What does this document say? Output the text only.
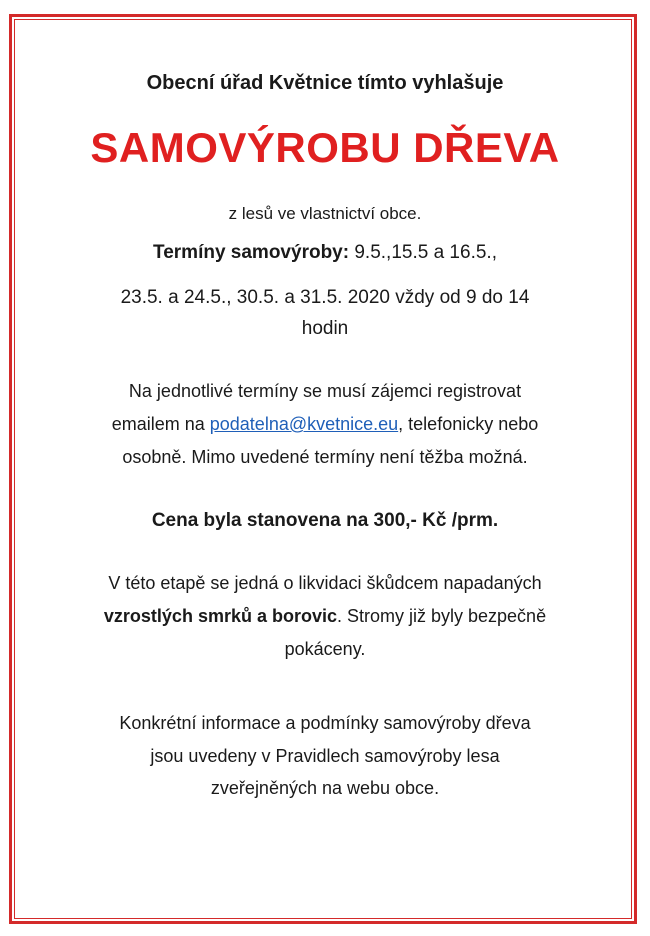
Obecní úřad Květnice tímto vyhlašuje
SAMOVÝROBU DŘEVA
z lesů ve vlastnictví obce.
Termíny samovýroby: 9.5.,15.5 a 16.5.,
23.5. a 24.5., 30.5. a 31.5. 2020 vždy od 9 do 14
hodin
Na jednotlivé termíny se musí zájemci registrovat
emailem na podatelna@kvetnice.eu, telefonicky nebo
osobně. Mimo uvedené termíny není těžba možná.
Cena byla stanovena na 300,- Kč /prm.
V této etapě se jedná o likvidaci škůdcem napadaných
vzrostlých smrků a borovic. Stromy již byly bezpečně
pokáceny.
Konkrétní informace a podmínky samovýroby dřeva
jsou uvedeny v Pravidlech samovýroby lesa
zveřejněných na webu obce.
